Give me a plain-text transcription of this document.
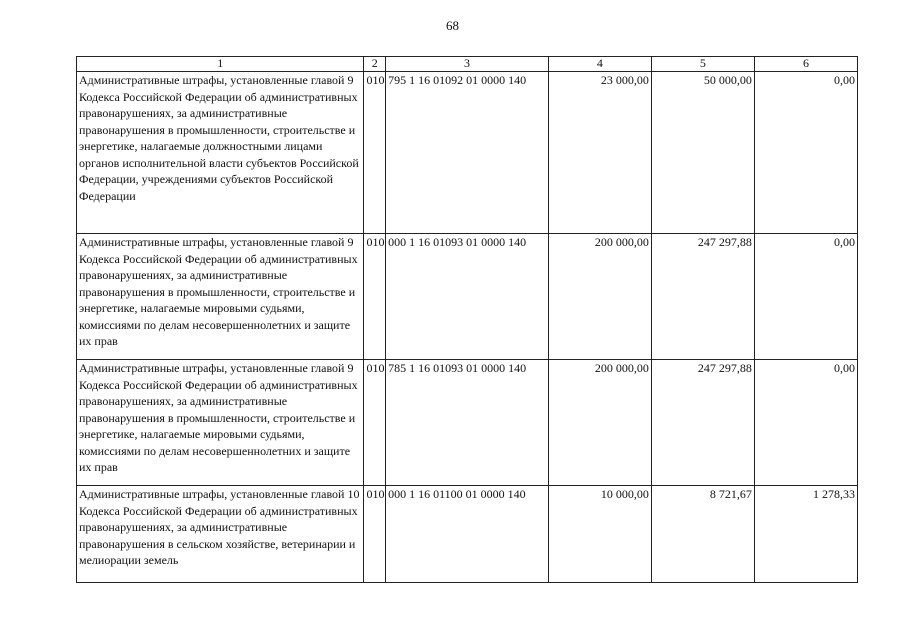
68
1	2	3	4	5	6
Административные штрафы, установленные главой 9 Кодекса Российской Федерации об административных правонарушениях, за административные правонарушения в промышленности, строительстве и энергетике, налагаемые должностными лицами органов исполнительной власти субъектов Российской Федерации, учреждениями субъектов Российской Федерации	010	795 1 16 01092 01 0000 140	23 000,00	50 000,00	0,00
Административные штрафы, установленные главой 9 Кодекса Российской Федерации об административных правонарушениях, за административные правонарушения в промышленности, строительстве и энергетике, налагаемые мировыми судьями, комиссиями по делам несовершеннолетних и защите их прав	010	000 1 16 01093 01 0000 140	200 000,00	247 297,88	0,00
Административные штрафы, установленные главой 9 Кодекса Российской Федерации об административных правонарушениях, за административные правонарушения в промышленности, строительстве и энергетике, налагаемые мировыми судьями, комиссиями по делам несовершеннолетних и защите их прав	010	785 1 16 01093 01 0000 140	200 000,00	247 297,88	0,00
Административные штрафы, установленные главой 10 Кодекса Российской Федерации об административных правонарушениях, за административные правонарушения в сельском хозяйстве, ветеринарии и мелиорации земель	010	000 1 16 01100 01 0000 140	10 000,00	8 721,67	1 278,33
